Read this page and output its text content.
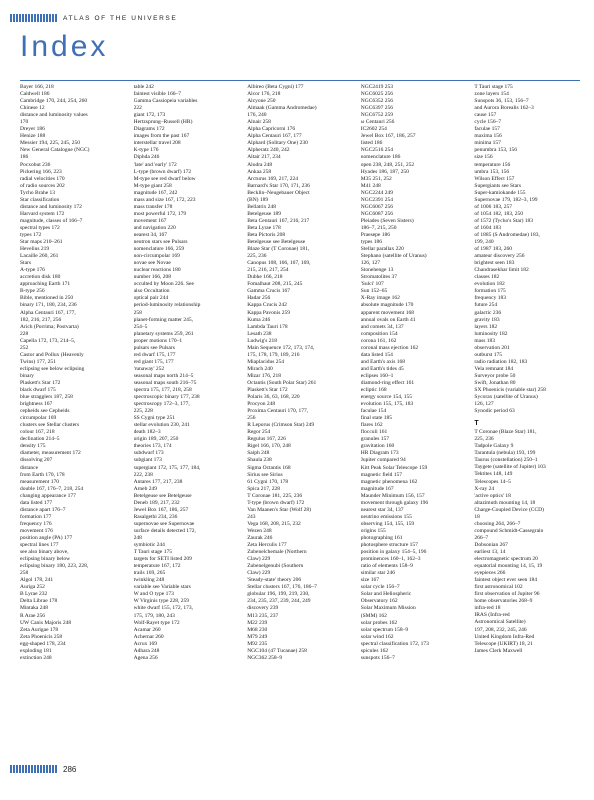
ATLAS OF THE UNIVERSE
Index
Bayer 166, 218
Caldwell 186
Cambridge 170, 244, 254, 260
Chinese 12
distance and luminosity values
170
Dreyer 186
Henize 188
Messier 194, 225, 245, 250
New General Catalogue (NGC)
186
Pocxobut 236
Pickering 166, 223
radial velocities 170
of radio sources 202
Tycho Brahe 13
Star classification
distance and luminosity 172
Harvard system 172
magnitude, classes of 166–7
spectral types 172
types 172
Star maps 210–261
Hevelius 219
Lacaille 260, 261
Stars
A-type 176
accretion disk 180
approaching Earth 171
B-type 256
Bible, mentioned in 250
binary 171, 180, 234, 236
Alpha Centauri 167, 177,
182, 216, 217, 256
Arich (Porrima; Postvarta)
228
Capella 172, 173, 214–5,
252
Castor and Pollux (Heavenly
Twins) 177, 251
eclipsing see below eclipsing
binary
Plaskett's Star 172
black dwarf 175
blue stragglers 187, 258
brightness 167
cepheids see Cepheids
circumpolar 169
clusters see Stellar clusters
colour 167, 218
declination 214–5
density 175
diameter, measurement 172
dissolving 207
distance
from Earth 170, 178
measurement 170
double 167, 176–7, 218, 254
changing appearance 177
data listed 177
distance apart 176–7
formation 177
frequency 176
movement 176
position angle (PA) 177
spectral lines 177
see also binary above,
eclipsing binary below
eclipsing binary 180, 223, 228,
258
Algol 178, 241
Auriga 252
B Lyrae 232
Delta Librae 178
Mintaka 248
R Arae 256
UW Canis Majoris 248
Zeta Aurigae 178
Zeta Phoenicis 258
egg-shaped 178, 234
exploding 181
extinction 248
table 242
faintest visible 166–7
Gamma Cassiopeia variables
222
giant 172, 173
Hertzsprung–Russell (HR)
Diagrams 172
images from the past 167
interstellar travel 208
K-type 176
Diphda 246
'late' and 'early' 172
L-type (brown dwarf) 172
M-type see red dwarf below
M-type giant 258
magnitude 167, 242
mass and size 167, 172, 223
mass transfer 178
most powerful 172, 179
movement 167
and navigation 220
nearest 34, 167
neutron stars see Pulsars
nomenclature 166, 259
non-circumpolar 169
novae see Novae
nuclear reactions 180
number 166, 208
occulted by Moon 226. See
also Occultation
optical pair 244
period-luminosity relationship
258
planet-forming matter 245,
254–5
planetary systems 259, 261
proper motions 170–1
pulsars see Pulsars
red dwarf 175, 177
red giant 175, 177
'runaway' 252
seasonal maps north 214–5
seasonal maps south 216–75
spectra 175, 177, 218, 258
spectroscopic binary 177, 238
spectroscopy 172–3, 177,
225, 228
SS Cygni type 251
stellar evolution 230, 241
death 182–3
origin 189, 207, 250
theories 173, 174
subdwarf 173
subgiant 173
supergiant 172, 175, 177, 184,
222, 238
Antares 177, 217, 238
Arneb 249
Betelgeuse see Betelgeuse
Deneb 189, 217, 232
Jewel Box 167, 186, 257
Rasalgethi 234, 236
supernovae see Supernovae
surface details detected 172,
248
symbiotic 244
T Tauri stage 175
targets for SETI listed 209
temperature 167, 172
trails 169, 265
twinkling 248
variable see Variable stars
W and O type 173
W Virginis type 228, 259
white dwarf 155, 172, 173,
175, 179, 180, 243
Wolf-Rayet type 172
Acamar 260
Achernar 260
Acrux 169
Adhara 248
Agena 256
Albireo (Beta Cygni) 177
Alcor 176, 218
Alcyone 250
Almaak (Gamma Andromedae)
176, 240
Alnair 258
Alpha Capricorni 176
Alpha Centauri 167, 177
Alphard (Solitary One) 230
Alpheratz 240, 242
Altair 217, 234
Aludra 248
Ankaa 258
Arcturus 169, 217, 224
Barnard's Star 170, 171, 236
Becklin–Neugebauer Object
(BN) 189
Bellatrix 248
Betelgeuse 189
Beta Centauri 167, 216, 217
Beta Lyrae 178
Beta Pictoris 208
Betelgeuse see Betelgeuse
Blaze Star (T Coronae) 181,
225, 236
Canopus 108, 166, 167, 169,
215, 216, 217, 254
Dubhe 166, 218
Fomalhaut 208, 215, 245
Gamma Crucis 167
Hadar 256
Kappa Crucis 242
Kappa Pavonis 259
Kuma 246
Lambda Tauri 178
Lesath 238
Ludwig's 218
Main Sequence 172, 173, 174,
175, 178, 179, 189, 216
Miaplacidus 254
Mirach 240
Mizar 176, 218
Octantis (South Polar Star) 261
Plaskett's Star 172
Polaris 36, 63, 168, 220
Procyon 248
Proxima Centauri 170, 177,
256
R Leporus (Crimson Star) 249
Regor 254
Regulus 167, 226
Rigel 166, 170, 248
Saiph 248
Shaula 238
Sigma Octantis 168
Sirius see Sirius
61 Cygni 170, 178
Spica 217, 228
T Coronae 181, 225, 236
T-type (brown dwarf) 172
Van Maanen's Star (Wolf 28)
243
Vega 168, 208, 215, 232
Wezen 248
Zaurak 246
Zeta Herculis 177
Zubenelchemale (Northern
Claw) 229
Zubenelgenubi (Southern
Claw) 229
'Steady-state' theory 206
Stellar clusters 167, 176, 186–7
globular 196, 199, 219, 230,
234, 235, 237, 239, 244, 249
discovery 239
M13 235, 237
M22 239
M68 230
M79 249
M92 235
NGC104 (47 Tucanae) 258
NGC362 258–9
NGC2419 253
NGC6025 256
NGC6352 256
NGC6397 256
NGC6752 259
ω Centauri 256
IC2602 254
Jewel Box 167, 186, 257
listed 186
NGC2516 254
nomenclature 186
open 238, 248, 251, 252
Hyades 186, 187, 250
M35 251, 252
M41 248
NGC2244 249
NGC2391 254
NGC6067 256
NGC6087 256
Pleiades (Seven Sisters)
186–7, 215, 250
Praesepe 186
types 186
Stellar parallax 220
Stephano (satellite of Uranus)
126, 127
Stonehenge 13
Stromatolites 37
'Sulci' 107
Sun 152–65
X-Ray image 162
absolute magnitude 170
apparent movement 168
annual ovals on Earth 41
and comets 34, 137
composition 154
corona 161, 162
coronal mass ejection 162
data listed 154
and Earth's axis 168
and Earth's tides 45
eclipses 160–1
diamond-ring effect 161
ecliptic 168
energy source 154, 155
evolution 155, 175, 183
faculae 154
final state 185
flares 162
flocculi 161
granules 157
gravitation 160
HR Diagram 173
Jupiter compared 94
Kitt Peak Solar Telescope 159
magnetic field 157
magnetic phenomena 162
magnitude 167
Maunder Minimum 156, 157
movement through galaxy 196
nearest star 34, 137
neutrino emissions 155
observing 154, 155, 159
origins 155
photographing 161
photosphere structure 157
position in galaxy 154–5, 196
prominences 160–1, 162–3
ratio of elements 158–9
similar star 246
size 167
solar cycle 156–7
Solar and Heliospheric
Observatory 162
Solar Maximum Mission
(SMM) 162
solar probes 162
solar spectrum 158–9
solar wind 162
spectral classification 172, 173
spicules 162
sunspots 156–7
T Tauri stage 175
zone layers 154
Sunspots 36, 153, 156–7
and Aurora Borealis 162–3
cause 157
cycle 156–7
faculae 157
maxima 156
minima 157
penumbra 153, 156
size 156
temperature 156
umbra 153, 156
Wilson Effect 157
Supergiants see Stars
Super-kamiokande 155
Supernovae 179, 182–3, 199
of 1006 183, 257
of 1054 182, 183, 250
of 1572 (Tycho's Star) 183
of 1604 183
of 1885 (S Andromedae) 183,
199, 240
of 1987 183, 260
amateur discovery 256
brightest seen 183
Chandrasekhar limit 182
classes 182
evolution 182
formation 175
frequency 183
future 254
galactic 236
gravity 183
layers 182
luminosity 182
mass 183
observation 201
outburst 175
radio radiation 182, 183
Vela remnant 184
Surveyor probe 50
Swift, Jonathan 80
SX Phoenicis (variable star) 258
Sycorax (satellite of Uranus)
126, 127
Synodic period 63
T
T Coronae (Blaze Star) 181,
225, 236
Tadpole Galaxy 9
Tarantula (nebula) 193, 199
Taurus (constellation) 250–1
Taygete (satellite of Jupiter) 103
Tektites 148, 149
Telescopes 14–5
X-ray 24
'active optics' 18
altazimuth mounting 14, 18
Charge-Coupled Device (CCD)
18
choosing 264, 266–7
compound Schmidt-Cassegrain
266–7
Dobsonian 267
earliest 13, 14
electromagnetic spectrum 20
equatorial mounting 14, 15, 19
eyepieces 266
faintest object ever seen 184
first astronomical 102
first observation of Jupiter 96
home observatories 268–9
infra-red 18
IRAS (Infra-red
Astronomical Satellite)
197, 208, 232, 245, 246
United Kingdom Infra-Red
Telescope (UKIRT) 18, 21
James Clerk Maxwell
286
